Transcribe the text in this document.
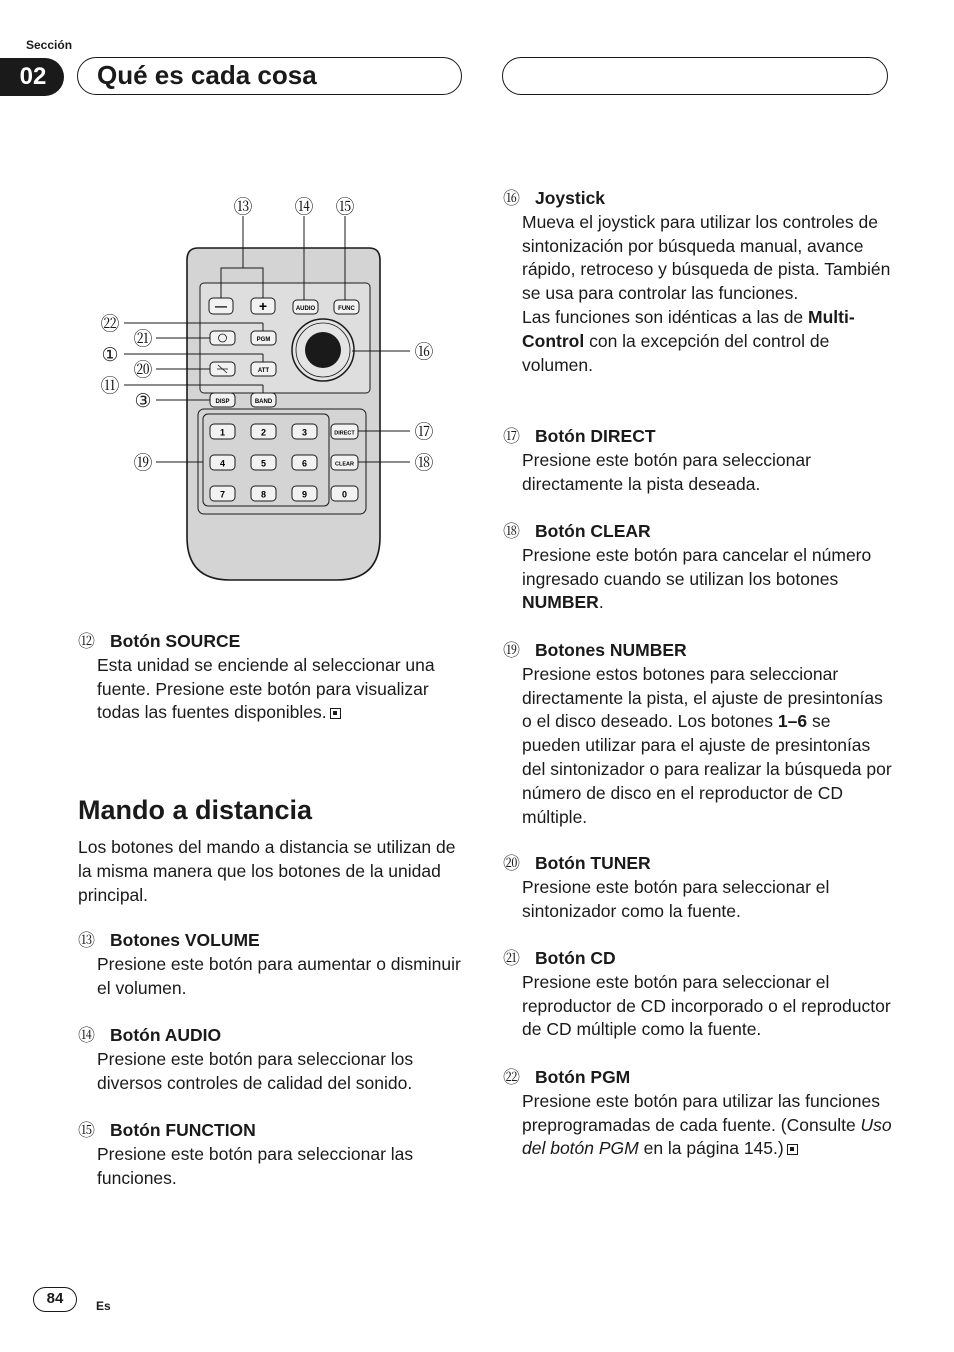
Sección
02	Qué es cada cosa
— +	AUDIO	FUNC
PGM
ATT
DISP	BAND
DIRECT
CLEAR
1	2	3
4	5	6
7	8	9	0
⑬ ⑭ ⑮
㉒
㉑
①
⑳
⑪
③
⑲
⑯
⑰
⑱
⑫ Botón SOURCE
Esta unidad se enciende al seleccionar una fuente. Presione este botón para visualizar todas las fuentes disponibles.
Mando a distancia
Los botones del mando a distancia se utilizan de la misma manera que los botones de la unidad principal.
⑬ Botones VOLUME
Presione este botón para aumentar o disminuir el volumen.
⑭ Botón AUDIO
Presione este botón para seleccionar los diversos controles de calidad del sonido.
⑮ Botón FUNCTION
Presione este botón para seleccionar las funciones.
⑯ Joystick
Mueva el joystick para utilizar los controles de sintonización por búsqueda manual, avance rápido, retroceso y búsqueda de pista. También se usa para controlar las funciones.
Las funciones son idénticas a las de Multi-Control con la excepción del control de volumen.
⑰ Botón DIRECT
Presione este botón para seleccionar directamente la pista deseada.
⑱ Botón CLEAR
Presione este botón para cancelar el número ingresado cuando se utilizan los botones NUMBER.
⑲ Botones NUMBER
Presione estos botones para seleccionar directamente la pista, el ajuste de presintonías o el disco deseado. Los botones 1–6 se pueden utilizar para el ajuste de presintonías del sintonizador o para realizar la búsqueda por número de disco en el reproductor de CD múltiple.
⑳ Botón TUNER
Presione este botón para seleccionar el sintonizador como la fuente.
㉑ Botón CD
Presione este botón para seleccionar el reproductor de CD incorporado o el reproductor de CD múltiple como la fuente.
㉒ Botón PGM
Presione este botón para utilizar las funciones preprogramadas de cada fuente. (Consulte Uso del botón PGM en la página 145.)
84	Es
